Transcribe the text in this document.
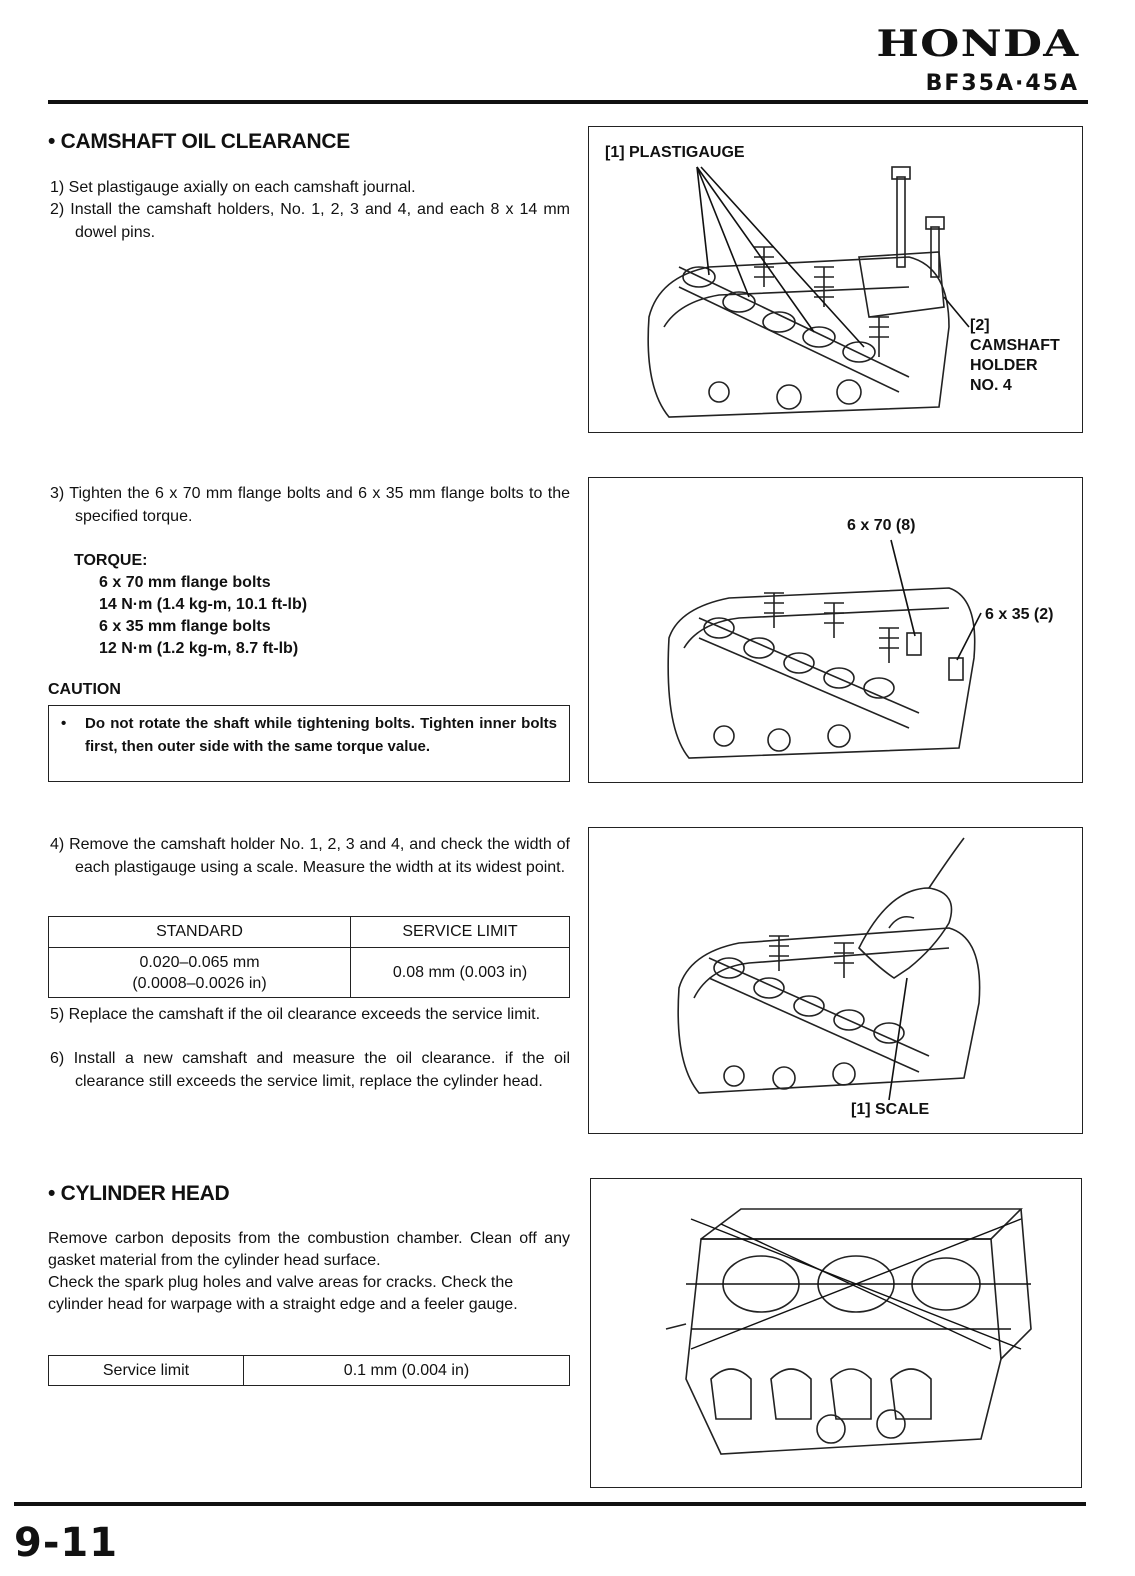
HONDA
BF35A·45A
• CAMSHAFT OIL CLEARANCE
1) Set plastigauge axially on each camshaft journal.
2) Install the camshaft holders, No. 1, 2, 3 and 4, and each 8 x 14 mm dowel pins.
3) Tighten the 6 x 70 mm flange bolts and 6 x 35 mm flange bolts to the specified torque.
TORQUE:
6 x 70 mm flange bolts
14 N·m (1.4 kg-m, 10.1 ft-lb)
6 x 35 mm flange bolts
12 N·m (1.2 kg-m, 8.7 ft-lb)
CAUTION
• Do not rotate the shaft while tightening bolts. Tighten inner bolts first, then outer side with the same torque value.
4) Remove the camshaft holder No. 1, 2, 3 and 4, and check the width of each plastigauge using a scale. Measure the width at its widest point.
STANDARD	SERVICE LIMIT

0.020–0.065 mm
(0.0008–0.0026 in)	0.08 mm (0.003 in)
5) Replace the camshaft if the oil clearance exceeds the service limit.
6) Install a new camshaft and measure the oil clearance. if the oil clearance still exceeds the service limit, replace the cylinder head.
• CYLINDER HEAD
Remove carbon deposits from the combustion chamber. Clean off any gasket material from the cylinder head surface.
Check the spark plug holes and valve areas for cracks. Check the cylinder head for warpage with a straight edge and a feeler gauge.
Service limit	0.1 mm (0.004 in)
[1] PLASTIGAUGE
[2]
CAMSHAFT
HOLDER
NO. 4
6 x 70 (8)
6 x 35 (2)
[1] SCALE
9-11
